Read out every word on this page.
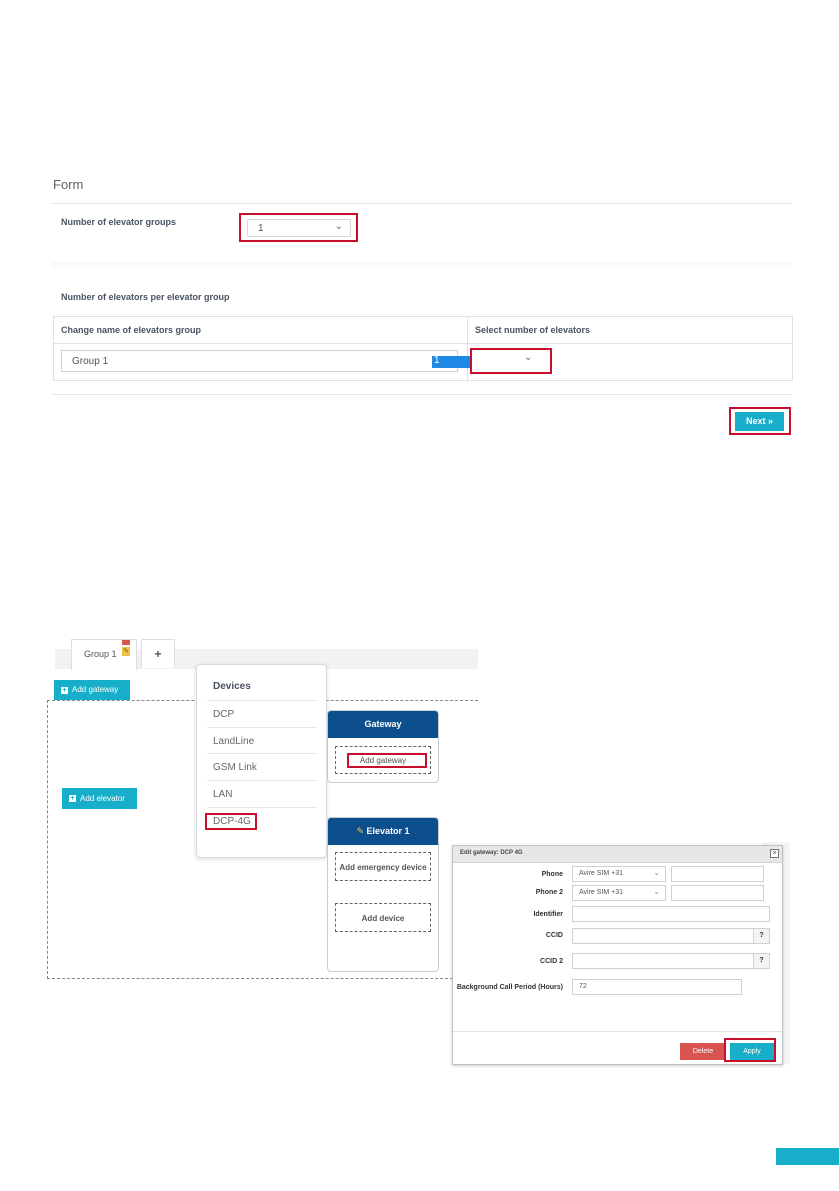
Form
Number of elevator groups
1	⌄
Number of elevators per elevator group
Change name of elevators group	Select number of elevators
Group 1	1	⌄
Next »
Group 1 ✎	+
+ Add gateway
+ Add elevator
Devices
DCP
LandLine
GSM Link
LAN
DCP-4G
Gateway
Add gateway
✎ Elevator 1
Add emergency device
Add device
Edit gateway: DCP 4G	×
Phone Avire SIM +31	⌄
Phone 2 Avire SIM +31	⌄
Identifier
CCID	?
CCID 2	?
Background Call Period (Hours) 72
Delete	Apply
